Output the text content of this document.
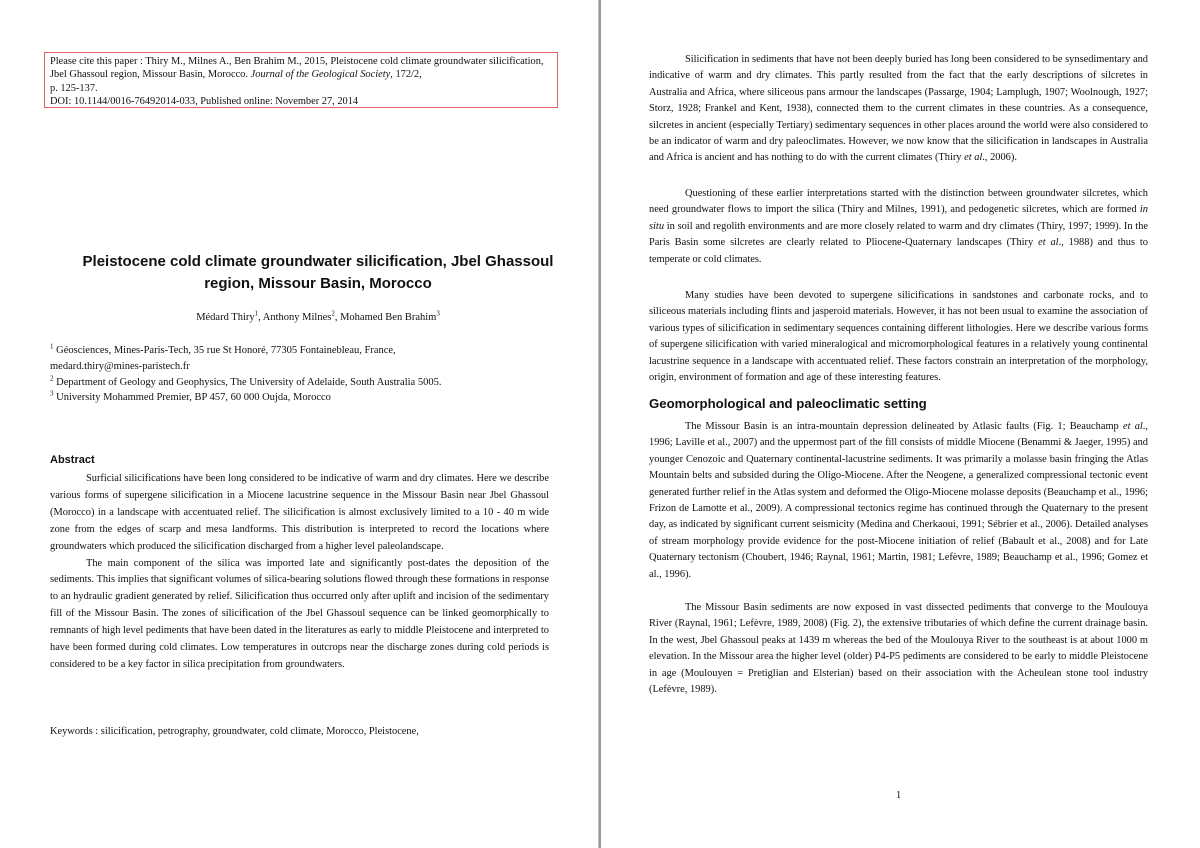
Please cite this paper : Thiry M., Milnes A., Ben Brahim M., 2015, Pleistocene cold climate groundwater silicification, Jbel Ghassoul region, Missour Basin, Morocco. Journal of the Geological Society, 172/2,
p. 125-137.
DOI: 10.1144/0016-76492014-033, Published online: November 27, 2014
Pleistocene cold climate groundwater silicification, Jbel Ghassoul region, Missour Basin, Morocco
Médard Thiry$^1$, Anthony Milnes$^2$, Mohamed Ben Brahim$^3$
$^1$ Géosciences, Mines-Paris-Tech, 35 rue St Honoré, 77305 Fontainebleau, France,
medard.thiry@mines-paristech.fr
$^2$ Department of Geology and Geophysics, The University of Adelaide, South Australia 5005.
$^3$ University Mohammed Premier, BP 457, 60 000 Oujda, Morocco
Abstract

Surficial silicifications have been long considered to be indicative of warm and dry climates. Here we describe various forms of supergene silicification in a Miocene lacustrine sequence in the Missour Basin near Jbel Ghassoul (Morocco) in a landscape with accentuated relief. The silicification is almost exclusively limited to a 10 - 40 m wide zone from the edges of scarp and mesa landforms. This distribution is interpreted to record the locations where groundwaters which produced the silicification discharged from a higher level paleolandscape.

The main component of the silica was imported late and significantly post-dates the deposition of the sediments. This implies that significant volumes of silica-bearing solutions flowed through these formations in response to an hydraulic gradient generated by relief. Silicification thus occurred only after uplift and incision of the sedimentary fill of the Missour Basin. The zones of silicification of the Jbel Ghassoul sequence can be linked geomorphically to remnants of high level pediments that have been dated in the literatures as early to middle Pleistocene and interpreted to have been formed during cold climates. Low temperatures in outcrops near the discharge zones during cold periods is considered to be a key factor in silica precipitation from groundwaters.

Keywords : silicification, petrography, groundwater, cold climate, Morocco, Pleistocene,

Silicification in sediments that have not been deeply buried has long been considered to be synsedimentary and indicative of warm and dry climates. This partly resulted from the fact that the early descriptions of silcretes in Australia and Africa, where siliceous pans armour the landscapes (Passarge, 1904; Lamplugh, 1907; Woolnough, 1927; Storz, 1928; Frankel and Kent, 1938), connected them to the current climates in these countries. As a consequence, silcretes in ancient (especially Tertiary) sedimentary sequences in other places around the world were also considered to be an indicator of warm and dry paleoclimates. However, we now know that the silicification in landscapes in Australia and Africa is ancient and has nothing to do with the current climates (Thiry et al., 2006).

Questioning of these earlier interpretations started with the distinction between groundwater silcretes, which need groundwater flows to import the silica (Thiry and Milnes, 1991), and pedogenetic silcretes, which are formed in situ in soil and regolith environments and are more closely related to warm and dry climates (Thiry, 1997; 1999). In the Paris Basin some silcretes are clearly related to Pliocene-Quaternary landscapes (Thiry et al., 1988) and thus to temperate or cold climates.

Many studies have been devoted to supergene silicifications in sandstones and carbonate rocks, and to siliceous materials including flints and jasperoid materials. However, it has not been usual to examine the association of various types of silicification in sedimentary sequences containing different lithologies. Here we describe various forms of supergene silicification with varied mineralogical and micromorphological features in a relatively young continental lacustrine sequence in a landscape with accentuated relief. These factors constrain an interpretation of the morphology, origin, environment of formation and age of these interesting features.

Geomorphological and paleoclimatic setting

The Missour Basin is an intra-mountain depression delineated by Atlasic faults (Fig. 1; Beauchamp et al., 1996; Laville et al., 2007) and the uppermost part of the fill consists of middle Miocene (Benammi & Jaeger, 1995) and younger Cenozoic and Quaternary continental-lacustrine sediments. It was primarily a molasse basin fringing the Atlas Mountain belts and subsided during the Oligo-Miocene. After the Neogene, a generalized compressional tectonic event generated further relief in the Atlas system and deformed the Oligo-Miocene molasse deposits (Beauchamp et al., 1996; Frizon de Lamotte et al., 2009). A compressional tectonics regime has continued through the Quaternary to the present day, as indicated by significant current seismicity (Medina and Cherkaoui, 1991; Sébrier et al., 2006). Detailed analyses of stream morphology provide evidence for the post-Miocene initiation of relief (Babault et al., 2008) and for Late Quaternary tectonism (Choubert, 1946; Raynal, 1961; Martin, 1981; Lefèvre, 1989; Beauchamp et al., 1996; Gomez et al., 1996).

The Missour Basin sediments are now exposed in vast dissected pediments that converge to the Moulouya River (Raynal, 1961; Lefèvre, 1989, 2008) (Fig. 2), the extensive tributaries of which define the current drainage basin. In the west, Jbel Ghassoul peaks at 1439 m whereas the bed of the Moulouya River to the southeast is at about 1000 m elevation. In the Missour area the higher level (older) P4-P5 pediments are considered to be early to middle Pleistocene in age (Moulouyen = Pretiglian and Elsterian) based on their association with the Acheulean stone tool industry (Lefèvre, 1989).

1
